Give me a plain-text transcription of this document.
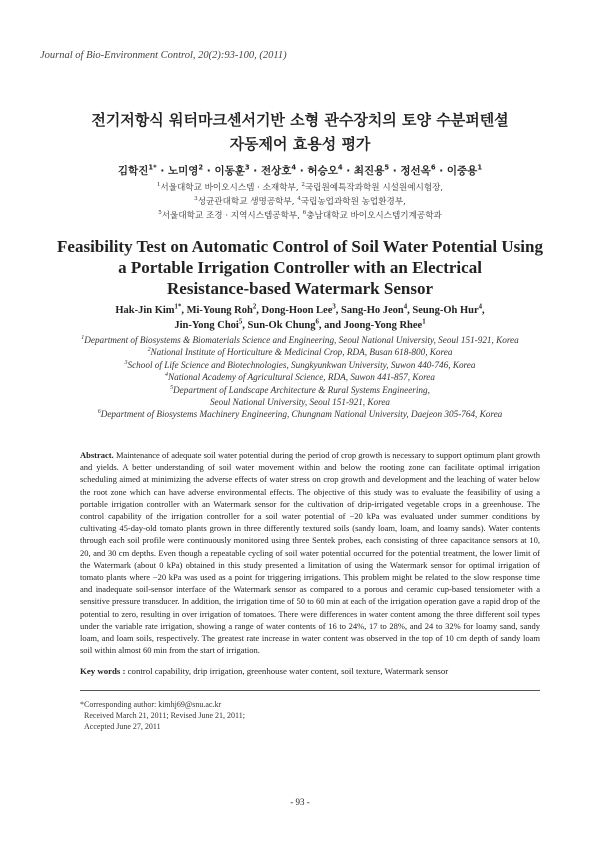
Journal of Bio-Environment Control, 20(2):93-100, (2011)
전기저항식 워터마크센서기반 소형 관수장치의 토양 수분퍼텐셜
자동제어 효용성 평가
김학진$^{1*}$ · 노미영$^2$ · 이동훈$^3$ · 전상호$^4$ · 허승오$^4$ · 최진용$^5$ · 정선옥$^6$ · 이중용$^1$
$^1$서울대학교 바이오시스템 · 소재학부, $^2$국립원예특작과학원 시설원예시험장,
$^3$성균관대학교 생명공학부, $^4$국립농업과학원 농업환경부,
$^5$서울대학교 조경 · 지역시스템공학부, $^6$충남대학교 바이오시스템기계공학과
Feasibility Test on Automatic Control of Soil Water Potential Using
a Portable Irrigation Controller with an Electrical
Resistance-based Watermark Sensor
Hak-Jin Kim$^{1*}$, Mi-Young Roh$^2$, Dong-Hoon Lee$^3$, Sang-Ho Jeon$^4$, Seung-Oh Hur$^4$,
Jin-Yong Choi$^5$, Sun-Ok Chung$^6$, and Joong-Yong Rhee$^1$
$^1$Department of Biosystems & Biomaterials Science and Engineering, Seoul National University, Seoul 151-921, Korea
$^2$National Institute of Horticulture & Medicinal Crop, RDA, Busan 618-800, Korea
$^3$School of Life Science and Biotechnologies, Sungkyunkwan University, Suwon 440-746, Korea
$^4$National Academy of Agricultural Science, RDA, Suwon 441-857, Korea
$^5$Department of Landscape Architecture & Rural Systems Engineering,
Seoul National University, Seoul 151-921, Korea
$^6$Department of Biosystems Machinery Engineering, Chungnam National University, Daejeon 305-764, Korea
Abstract. Maintenance of adequate soil water potential during the period of crop growth is necessary to support optimum plant growth and yields. A better understanding of soil water movement within and below the rooting zone can facilitate optimal irrigation scheduling aimed at minimizing the adverse effects of water stress on crop growth and development and the leaching of water below the root zone which can have adverse environmental effects. The objective of this study was to evaluate the feasibility of using a portable irrigation controller with an Watermark sensor for the cultivation of drip-irrigated vegetable crops in a greenhouse. The control capability of the irrigation controller for a soil water potential of −20 kPa was evaluated under summer conditions by cultivating 45-day-old tomato plants grown in three differently textured soils (sandy loam, loam, and loamy sands). Water contents through each soil profile were continuously monitored using three Sentek probes, each consisting of three capacitance sensors at 10, 20, and 30 cm depths. Even though a repeatable cycling of soil water potential occurred for the potential treatment, the lower limit of the Watermark (about 0 kPa) obtained in this study presented a limitation of using the Watermark sensor for optimal irrigation of tomato plants where −20 kPa was used as a point for triggering irrigations. This problem might be related to the slow response time and inadequate soil-sensor interface of the Watermark sensor as compared to a porous and ceramic cup-based tensiometer with a sensitive pressure transducer. In addition, the irrigation time of 50 to 60 min at each of the irrigation operation gave a rapid drop of the potential to zero, resulting in over irrigation of tomatoes. There were differences in water content among the three different soil types under the variable rate irrigation, showing a range of water contents of 16 to 24%, 17 to 28%, and 24 to 32% for loamy sand, sandy loam, and loam soils, respectively. The greatest rate increase in water content was observed in the top of 10 cm depth of sandy loam soil within almost 60 min from the start of irrigation.
Key words : control capability, drip irrigation, greenhouse water content, soil texture, Watermark sensor
*Corresponding author: kimhj69@snu.ac.kr
Received March 21, 2011; Revised June 21, 2011;
Accepted June 27, 2011
- 93 -
